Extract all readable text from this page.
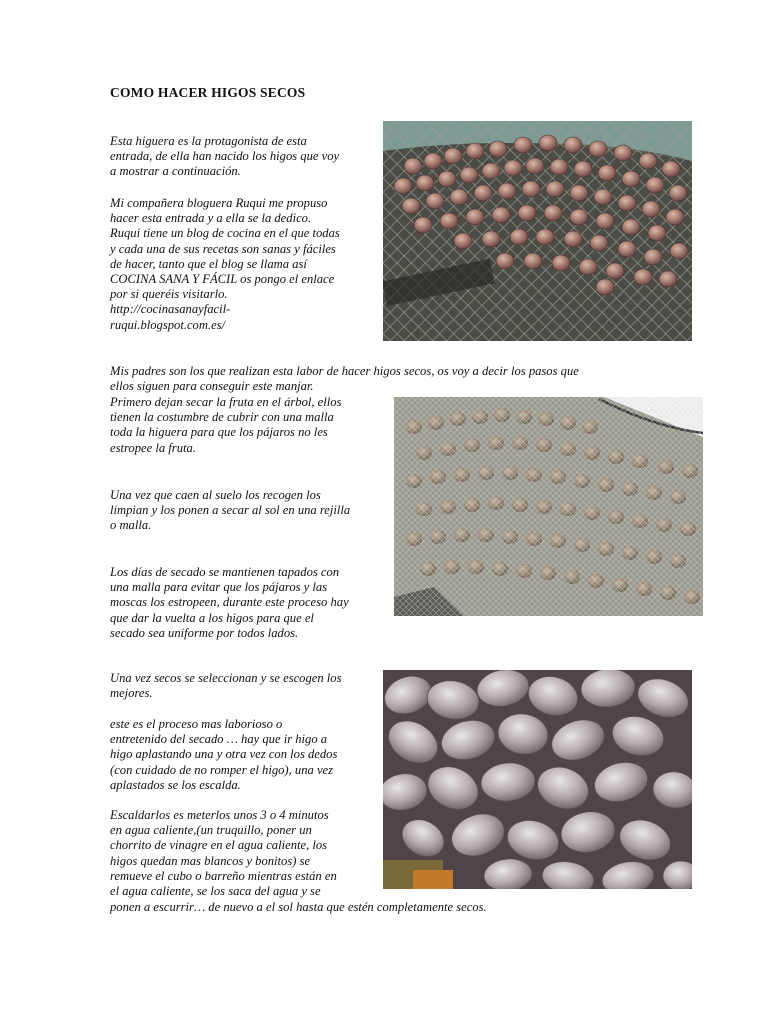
COMO HACER HIGOS SECOS
Esta higuera es la protagonista de esta
entrada, de ella han nacido los higos que voy
a mostrar a continuación.
Mi compañera bloguera Ruqui me propuso
hacer esta entrada y a ella se la dedico.
Ruqui tiene un blog de cocina en el que todas
y cada una de sus recetas son sanas y fáciles
de hacer, tanto que el blog se llama así
COCINA SANA Y FÁCIL os pongo el enlace
por si queréis visitarlo.
http://cocinasanayfacil-
ruqui.blogspot.com.es/
Mis padres son los que realizan esta labor de hacer higos secos, os voy a decir los pasos que
ellos siguen para conseguir este manjar.
Primero dejan secar la fruta en el árbol, ellos
tienen la costumbre de cubrir con una malla
toda la higuera para que los pájaros no les
estropee la fruta.
Una vez que caen al suelo los recogen los
limpian y los ponen a secar al sol en una rejilla
o malla.
Los días de secado se mantienen tapados con
una malla para evitar que los pájaros y las
moscas los estropeen, durante este proceso hay
que dar la vuelta a los higos para que el
secado sea uniforme por todos lados.
Una vez secos se seleccionan y se escogen los
mejores.
este es el proceso mas laborioso o
entretenido del secado … hay que ir higo a
higo aplastando una y otra vez con los dedos
(con cuidado de no romper el higo), una vez
aplastados se los escalda.
Escaldarlos es meterlos unos 3 o 4 minutos
en agua caliente,(un truquillo, poner un
chorrito de vinagre en el agua caliente, los
higos quedan mas blancos y bonitos) se
remueve el cubo o barreño mientras están en
el agua caliente, se los saca del agua y se
ponen a escurrir… de nuevo a el sol hasta que estén completamente secos.
